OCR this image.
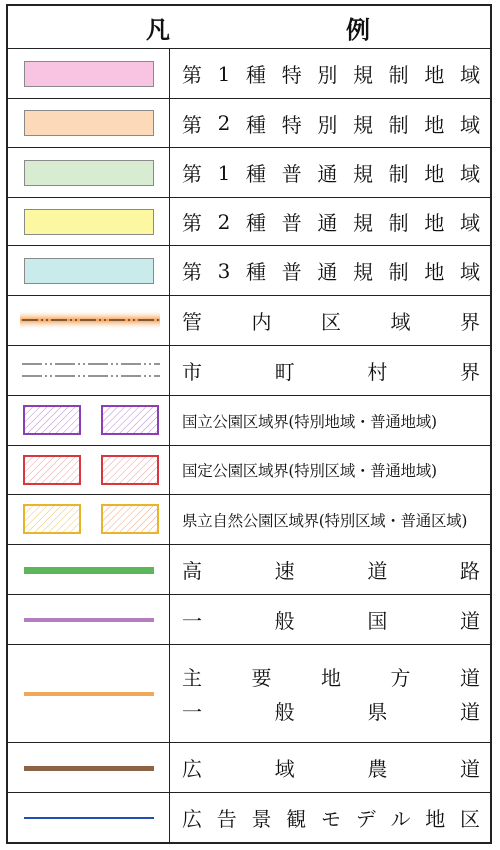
凡	例
第 1 種 特 別 規 制 地 域
第 2 種 特 別 規 制 地 域
第 1 種 普 通 規 制 地 域
第 2 種 普 通 規 制 地 域
第 3 種 普 通 規 制 地 域
管 内 区 域 界
市	町	村	界
国立公園区域界(特別地域・普通地域)
国定公園区域界(特別区域・普通地域)
県立自然公園区域界(特別区域・普通区域)
高	速	道	路
一	般	国	道
主 要 地 方 道
一	般	県	道
広	域	農	道
広 告 景 観 モ デ ル 地 区
